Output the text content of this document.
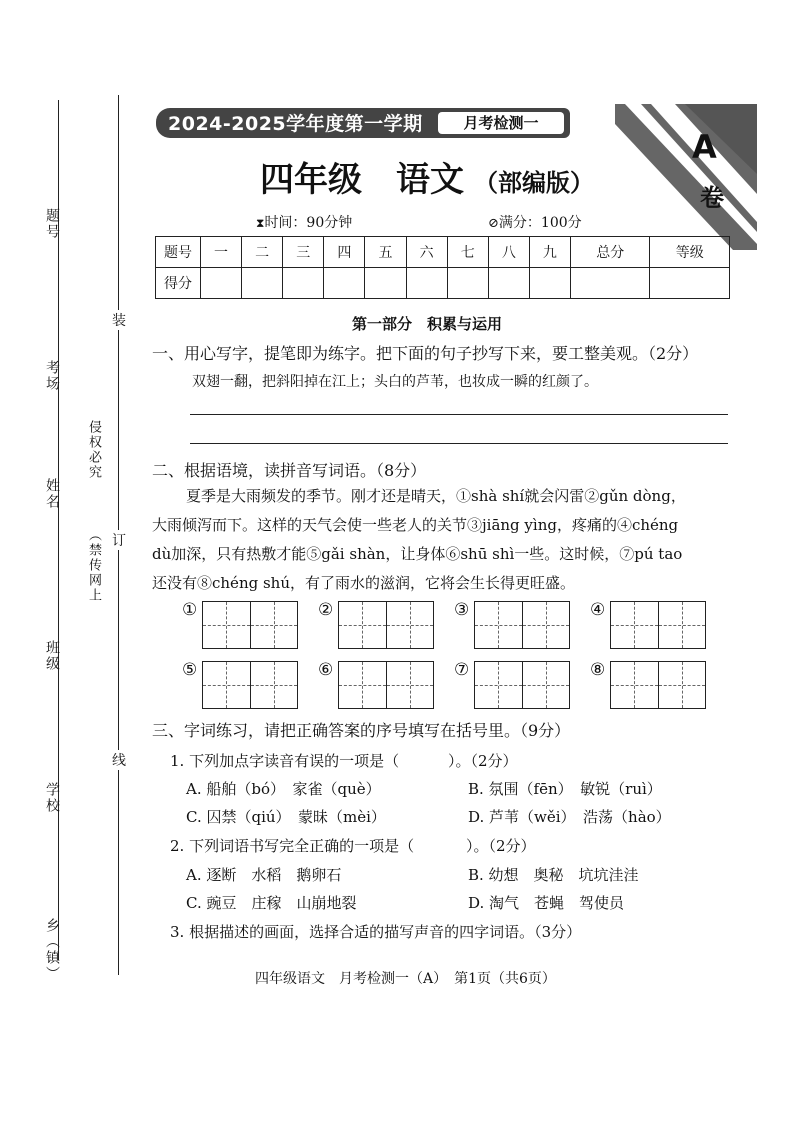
题号
考场
姓名
班级
学校
乡（镇）
侵权必究
（禁传网上
装
订
线
2024-2025学年度第一学期	月考检测一
四年级　语文 （部编版）
A
卷
⧗时间：90分钟	⊘满分：100分
题号	一	二	三	四	五	六	七	八	九	总分	等级
得分											
第一部分　积累与运用
一、用心写字，提笔即为练字。把下面的句子抄写下来，要工整美观。（2分）
双翅一翻，把斜阳掉在江上；头白的芦苇，也妆成一瞬的红颜了。
二、根据语境，读拼音写词语。（8分）
夏季是大雨频发的季节。刚才还是晴天，①shà shí就会闪雷②gǔn dòng，
大雨倾泻而下。这样的天气会使一些老人的关节③jiāng yìng，疼痛的④chéng
dù加深，只有热敷才能⑤gǎi shàn，让身体⑥shū shì一些。这时候，⑦pú tao
还没有⑧chéng shú，有了雨水的滋润，它将会生长得更旺盛。
①	②	③	④
⑤	⑥	⑦	⑧
三、字词练习，请把正确答案的序号填写在括号里。（9分）
1. 下列加点字读音有误的一项是（	）。（2分）
A. 船舶（bó）　家雀（què）	B. 氛围（fēn）　敏锐（ruì）
C. 囚禁（qiú）　蒙昧（mèi）	D. 芦苇（wěi）　浩荡（hào）
2. 下列词语书写完全正确的一项是（	）。（2分）
A. 逐断　水稻　鹅卵石	B. 幼想　奥秘　坑坑洼洼
C. 豌豆　庄稼　山崩地裂	D. 淘气　苍蝇　驾使员
3. 根据描述的画面，选择合适的描写声音的四字词语。（3分）
四年级语文　月考检测一（A）　第1页（共6页）
